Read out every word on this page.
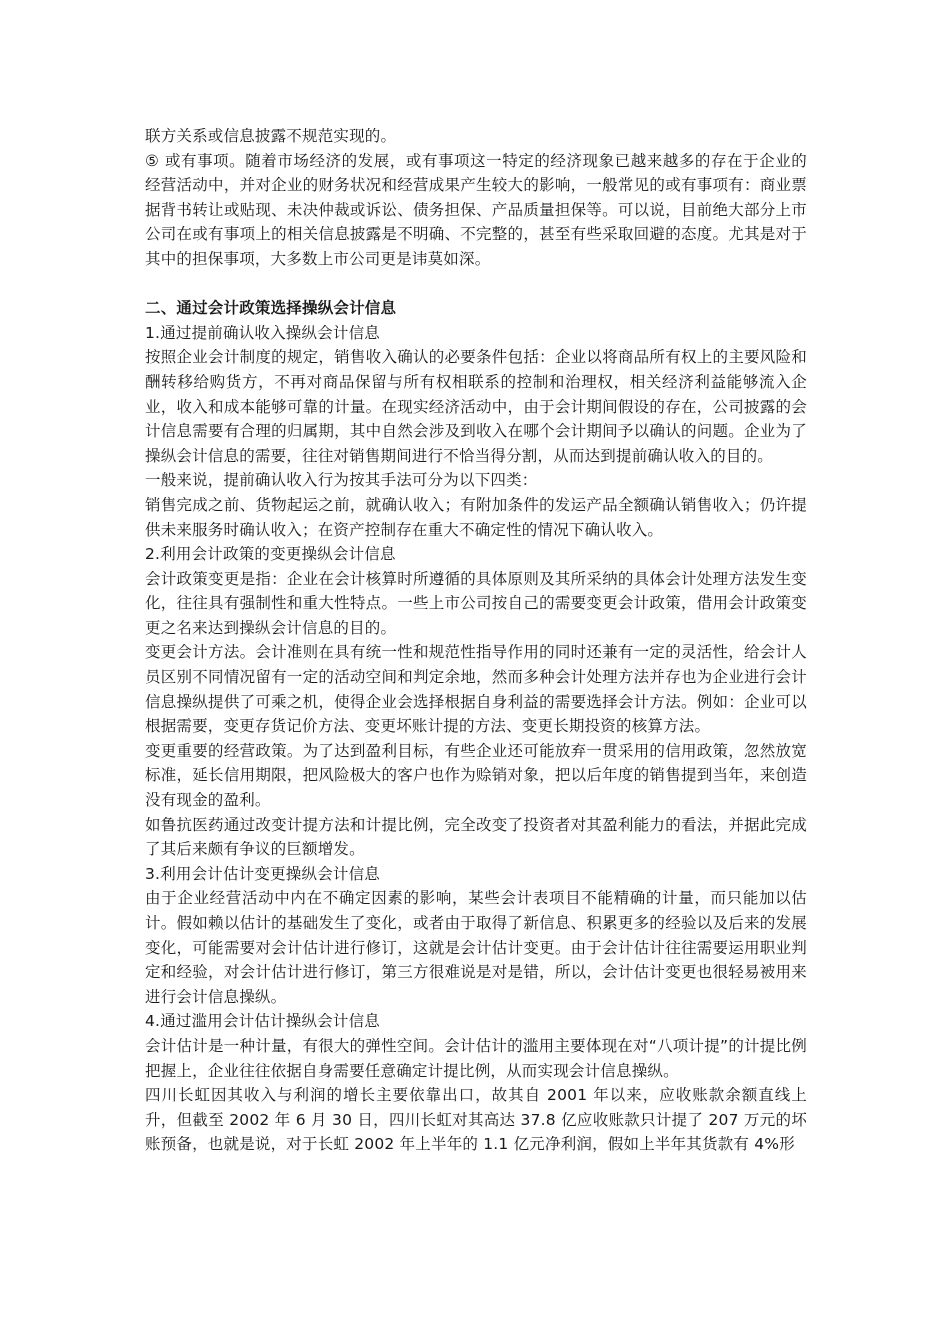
联方关系或信息披露不规范实现的。

⑤ 或有事项。随着市场经济的发展，或有事项这一特定的经济现象已越来越多的存在于企业的经营活动中，并对企业的财务状况和经营成果产生较大的影响，一般常见的或有事项有：商业票据背书转让或贴现、未决仲裁或诉讼、债务担保、产品质量担保等。可以说，目前绝大部分上市公司在或有事项上的相关信息披露是不明确、不完整的，甚至有些采取回避的态度。尤其是对于其中的担保事项，大多数上市公司更是讳莫如深。

二、通过会计政策选择操纵会计信息

1.通过提前确认收入操纵会计信息

按照企业会计制度的规定，销售收入确认的必要条件包括：企业以将商品所有权上的主要风险和酬转移给购货方，不再对商品保留与所有权相联系的控制和治理权，相关经济利益能够流入企业，收入和成本能够可靠的计量。在现实经济活动中，由于会计期间假设的存在，公司披露的会计信息需要有合理的归属期，其中自然会涉及到收入在哪个会计期间予以确认的问题。企业为了操纵会计信息的需要，往往对销售期间进行不恰当得分割，从而达到提前确认收入的目的。

一般来说，提前确认收入行为按其手法可分为以下四类：

销售完成之前、货物起运之前，就确认收入；有附加条件的发运产品全额确认销售收入；仍许提供未来服务时确认收入；在资产控制存在重大不确定性的情况下确认收入。

2.利用会计政策的变更操纵会计信息

会计政策变更是指：企业在会计核算时所遵循的具体原则及其所采纳的具体会计处理方法发生变化，往往具有强制性和重大性特点。一些上市公司按自己的需要变更会计政策，借用会计政策变更之名来达到操纵会计信息的目的。

变更会计方法。会计准则在具有统一性和规范性指导作用的同时还兼有一定的灵活性，给会计人员区别不同情况留有一定的活动空间和判定余地，然而多种会计处理方法并存也为企业进行会计信息操纵提供了可乘之机，使得企业会选择根据自身利益的需要选择会计方法。例如：企业可以根据需要，变更存货记价方法、变更坏账计提的方法、变更长期投资的核算方法。

变更重要的经营政策。为了达到盈利目标，有些企业还可能放弃一贯采用的信用政策，忽然放宽标准，延长信用期限，把风险极大的客户也作为赊销对象，把以后年度的销售提到当年，来创造没有现金的盈利。

如鲁抗医药通过改变计提方法和计提比例，完全改变了投资者对其盈利能力的看法，并据此完成了其后来颇有争议的巨额增发。

3.利用会计估计变更操纵会计信息

由于企业经营活动中内在不确定因素的影响，某些会计表项目不能精确的计量，而只能加以估计。假如赖以估计的基础发生了变化，或者由于取得了新信息、积累更多的经验以及后来的发展变化，可能需要对会计估计进行修订，这就是会计估计变更。由于会计估计往往需要运用职业判定和经验，对会计估计进行修订，第三方很难说是对是错，所以，会计估计变更也很轻易被用来进行会计信息操纵。

4.通过滥用会计估计操纵会计信息

会计估计是一种计量，有很大的弹性空间。会计估计的滥用主要体现在对“八项计提”的计提比例把握上，企业往往依据自身需要任意确定计提比例，从而实现会计信息操纵。

四川长虹因其收入与利润的增长主要依靠出口，故其自 2001 年以来，应收账款余额直线上升，但截至 2002 年 6 月 30 日，四川长虹对其高达 37.8 亿应收账款只计提了 207 万元的坏账预备，也就是说，对于长虹 2002 年上半年的 1.1 亿元净利润，假如上半年其货款有 4%形
